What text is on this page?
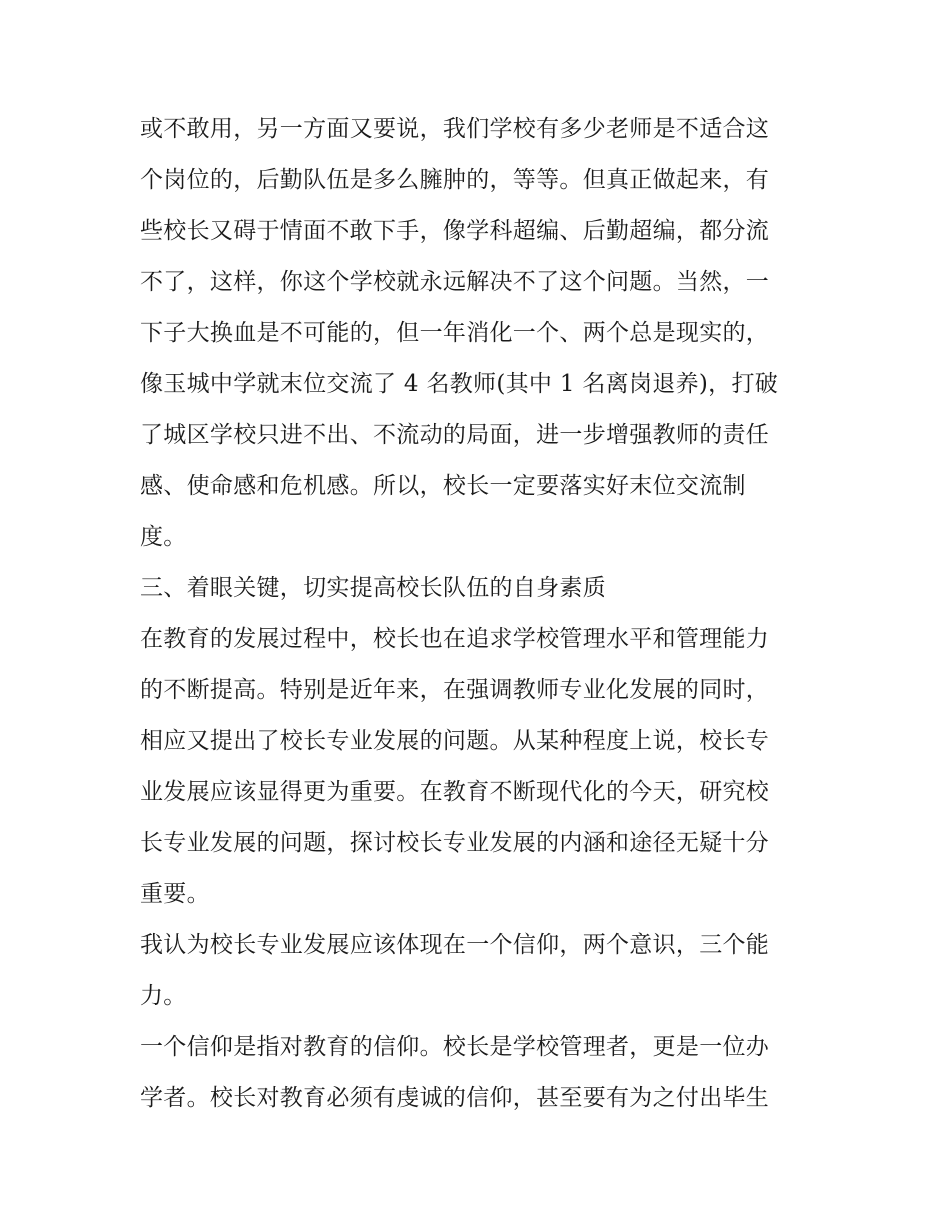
或不敢用，另一方面又要说，我们学校有多少老师是不适合这
个岗位的，后勤队伍是多么臃肿的，等等。但真正做起来，有
些校长又碍于情面不敢下手，像学科超编、后勤超编，都分流
不了，这样，你这个学校就永远解决不了这个问题。当然，一
下子大换血是不可能的，但一年消化一个、两个总是现实的，
像玉城中学就末位交流了 4 名教师(其中 1 名离岗退养)，打破
了城区学校只进不出、不流动的局面，进一步增强教师的责任
感、使命感和危机感。所以，校长一定要落实好末位交流制
度。
三、着眼关键，切实提高校长队伍的自身素质
在教育的发展过程中，校长也在追求学校管理水平和管理能力
的不断提高。特别是近年来，在强调教师专业化发展的同时，
相应又提出了校长专业发展的问题。从某种程度上说，校长专
业发展应该显得更为重要。在教育不断现代化的今天，研究校
长专业发展的问题，探讨校长专业发展的内涵和途径无疑十分
重要。
我认为校长专业发展应该体现在一个信仰，两个意识，三个能
力。
一个信仰是指对教育的信仰。校长是学校管理者，更是一位办
学者。校长对教育必须有虔诚的信仰，甚至要有为之付出毕生
